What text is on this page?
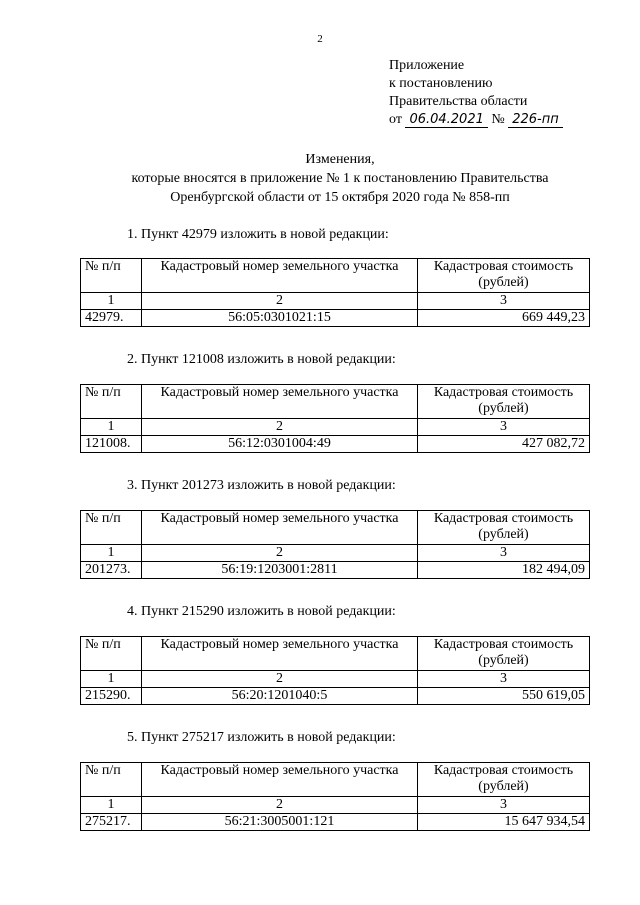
2
Приложение
к постановлению
Правительства области
от 06.04.2021 № 226-пп
Изменения,
которые вносятся в приложение № 1 к постановлению Правительства
Оренбургской области от 15 октября 2020 года № 858-пп
1. Пункт 42979 изложить в новой редакции:
№ п/п	Кадастровый номер земельного участка	Кадастровая стоимость (рублей)
1	2	3
42979.	56:05:0301021:15	669 449,23
2. Пункт 121008 изложить в новой редакции:
№ п/п	Кадастровый номер земельного участка	Кадастровая стоимость (рублей)
1	2	3
121008.	56:12:0301004:49	427 082,72
3. Пункт 201273 изложить в новой редакции:
№ п/п	Кадастровый номер земельного участка	Кадастровая стоимость (рублей)
1	2	3
201273.	56:19:1203001:2811	182 494,09
4. Пункт 215290 изложить в новой редакции:
№ п/п	Кадастровый номер земельного участка	Кадастровая стоимость (рублей)
1	2	3
215290.	56:20:1201040:5	550 619,05
5. Пункт 275217 изложить в новой редакции:
№ п/п	Кадастровый номер земельного участка	Кадастровая стоимость (рублей)
1	2	3
275217.	56:21:3005001:121	15 647 934,54
